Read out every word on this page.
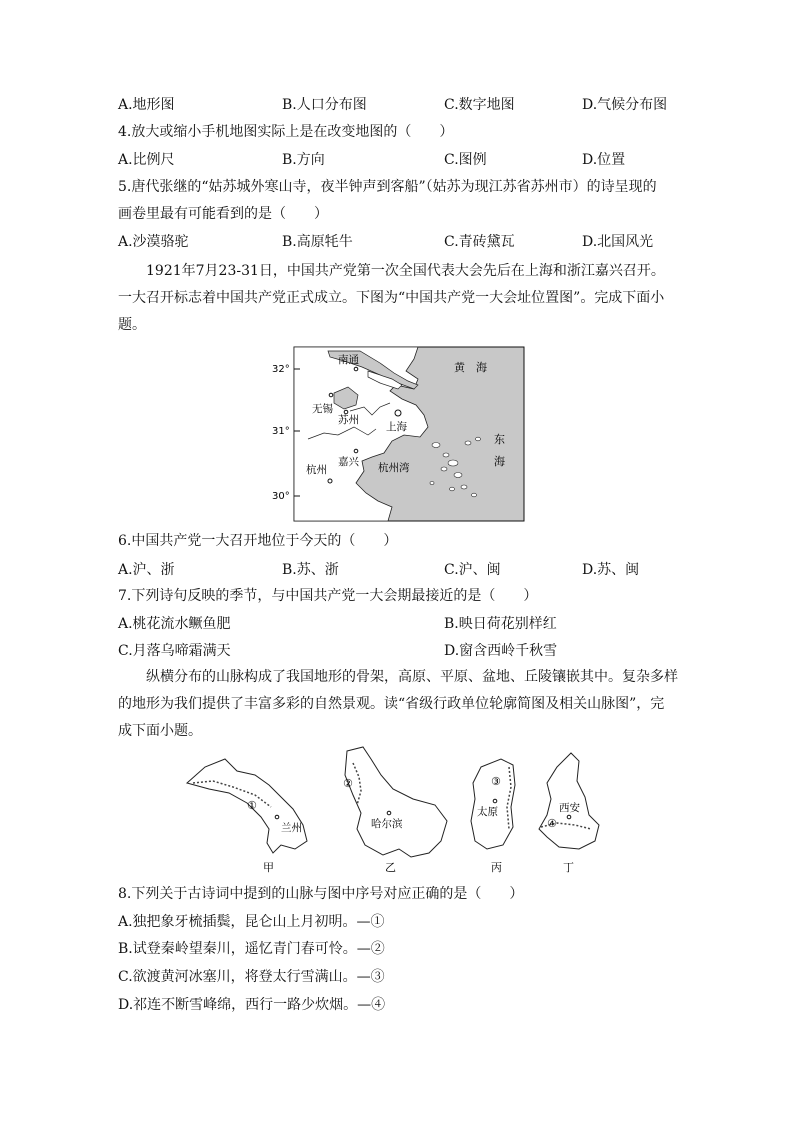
A.地形图	B.人口分布图	C.数字地图	D.气候分布图
4.放大或缩小手机地图实际上是在改变地图的（　　）
A.比例尺	B.方向	C.图例	D.位置
5.唐代张继的“姑苏城外寒山寺，夜半钟声到客船”（姑苏为现江苏省苏州市）的诗呈现的
画卷里最有可能看到的是（　　）
A.沙漠骆驼	B.高原牦牛	C.青砖黛瓦	D.北国风光
1921年7月23-31日，中国共产党第一次全国代表大会先后在上海和浙江嘉兴召开。一大召开标志着中国共产党正式成立。下图为“中国共产党一大会址位置图”。完成下面小题。
32°
31°
30°
南通
黄　海
无锡
苏州
上海
东
海
嘉兴
杭州	杭州湾
6.中国共产党一大召开地位于今天的（　　）
A.沪、浙	B.苏、浙	C.沪、闽	D.苏、闽
7.下列诗句反映的季节，与中国共产党一大会期最接近的是（　　）
A.桃花流水鳜鱼肥	B.映日荷花别样红
C.月落乌啼霜满天	D.窗含西岭千秋雪
纵横分布的山脉构成了我国地形的骨架，高原、平原、盆地、丘陵镶嵌其中。复杂多样的地形为我们提供了丰富多彩的自然景观。读“省级行政单位轮廓简图及相关山脉图”，完成下面小题。
①
兰州
甲
②
哈尔滨
乙
③
太原
丙
西安
④
丁
8.下列关于古诗词中提到的山脉与图中序号对应正确的是（　　）
A.独把象牙梳插鬓，昆仑山上月初明。—①
B.试登秦岭望秦川，遥忆青门春可怜。—②
C.欲渡黄河冰塞川，将登太行雪满山。—③
D.祁连不断雪峰绵，西行一路少炊烟。—④
